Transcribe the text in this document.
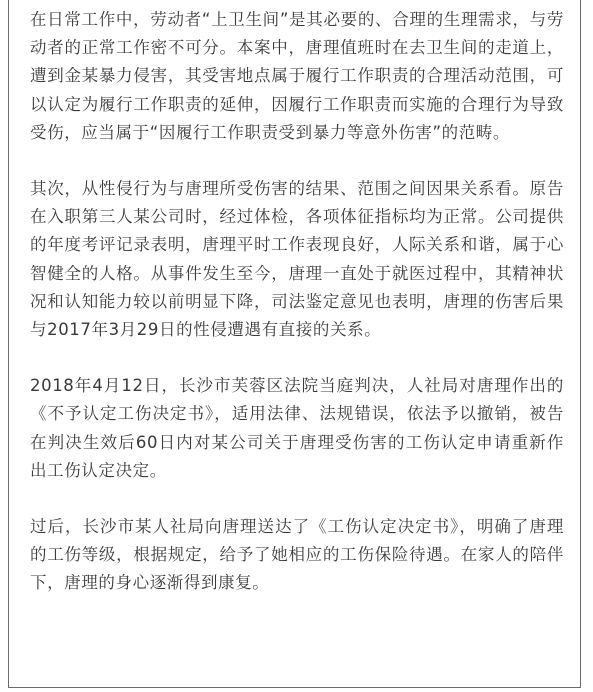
在日常工作中，劳动者“上卫生间”是其必要的、合理的生理需求，与劳动者的正常工作密不可分。本案中，唐理值班时在去卫生间的走道上，遭到金某暴力侵害，其受害地点属于履行工作职责的合理活动范围，可以认定为履行工作职责的延伸，因履行工作职责而实施的合理行为导致受伤，应当属于“因履行工作职责受到暴力等意外伤害”的范畴。

其次，从性侵行为与唐理所受伤害的结果、范围之间因果关系看。原告在入职第三人某公司时，经过体检，各项体征指标均为正常。公司提供的年度考评记录表明，唐理平时工作表现良好，人际关系和谐，属于心智健全的人格。从事件发生至今，唐理一直处于就医过程中，其精神状况和认知能力较以前明显下降，司法鉴定意见也表明，唐理的伤害后果与2017年3月29日的性侵遭遇有直接的关系。

2018年4月12日，长沙市芙蓉区法院当庭判决，人社局对唐理作出的《不予认定工伤决定书》，适用法律、法规错误，依法予以撤销，被告在判决生效后60日内对某公司关于唐理受伤害的工伤认定申请重新作出工伤认定决定。

过后，长沙市某人社局向唐理送达了《工伤认定决定书》，明确了唐理的工伤等级，根据规定，给予了她相应的工伤保险待遇。在家人的陪伴下，唐理的身心逐渐得到康复。
